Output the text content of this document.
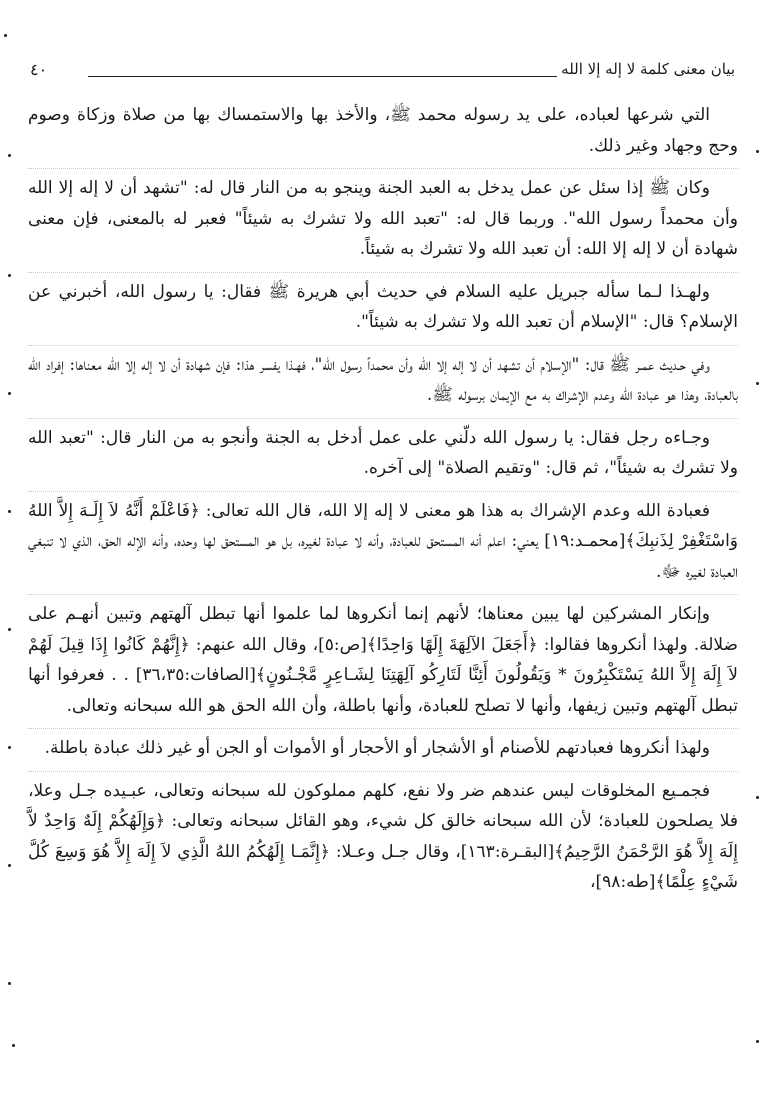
بيان معنى كلمة لا إله إلا الله
٤٠

التي شرعها لعباده، على يد رسوله محمد ﷺ، والأخذ بها والاستمساك بها من صلاة وزكاة وصوم وحج وجهاد وغير ذلك.

وكان ﷺ إذا سئل عن عمل يدخل به العبد الجنة وينجو به من النار قال له: "تشهد أن لا إله إلا الله وأن محمداً رسول الله". وربما قال له: "تعبد الله ولا تشرك به شيئاً" فعبر له بالمعنى، فإن معنى شهادة أن لا إله إلا الله: أن تعبد الله ولا تشرك به شيئاً.

ولهـذا لـما سأله جبريل عليه السلام في حديث أبي هريرة ﷺ فقال: يا رسول الله، أخبرني عن الإسلام؟ قال: "الإسلام أن تعبد الله ولا تشرك به شيئاً".

وفي حـديث عمـر ﷺ قال: "الإسلام أن تشهد أن لا إله إلا الله وأن محمداً رسول الله"، فهـذا يفسر هذا: فإن شهادة أن لا إله إلا الله معناها: إفراد الله بالعبادة، وهذا هو عبادة الله وعدم الإشراك به مع الإيمان برسوله ﷺ.

وجـاءه رجل فقال: يا رسول الله دلّني على عمل أدخل به الجنة وأنجو به من النار قال: "تعبد الله ولا تشرك به شيئاً"، ثم قال: "وتقيم الصلاة" إلى آخره.

فعبادة الله وعدم الإشراك به هذا هو معنى لا إله إلا الله، قال الله تعالى: ﴿فَاعْلَمْ أَنَّهُ لاَ إِلَـهَ إِلاَّ اللهُ وَاسْتَغْفِرْ لِذَنبِكَ﴾[محمـد:١٩] يعني: اعلم أنه المستحق للعبادة، وأنه لا عبادة لغيره، بل هو المستحق لها وحده، وأنه الإله الحق، الذي لا تنبغي العبادة لغيره ﷻ.

وإنكار المشركين لها يبين معناها؛ لأنهم إنما أنكروها لما علموا أنها تبطل آلهتهم وتبين أنهـم على ضلالة. ولهذا أنكروها فقالوا: ﴿أَجَعَلَ الآلِهَةَ إِلَهًا وَاحِدًا﴾[ص:٥]، وقال الله عنهم: ﴿إِنَّهُمْ كَانُوا إِذَا قِيلَ لَهُمْ لاَ إِلَهَ إِلاَّ اللهُ يَسْتَكْبِرُونَ * وَيَقُولُونَ أَئِنَّا لَتَارِكُو آلِهَتِنَا لِشَـاعِرٍ مَّجْـنُونٍ﴾[الصافات:٣٦،٣٥] . . فعرفوا أنها تبطل آلهتهم وتبين زيفها، وأنها لا تصلح للعبادة، وأنها باطلة، وأن الله الحق هو الله سبحانه وتعالى.

ولهذا أنكروها فعبادتهم للأصنام أو الأشجار أو الأحجار أو الأموات أو الجن أو غير ذلك عبادة باطلة.

فجمـيع المخلوقات ليس عندهم ضر ولا نفع، كلهم مملوكون لله سبحانه وتعالى، عبـيده جـل وعلا، فلا يصلحون للعبادة؛ لأن الله سبحانه خالق كل شيء، وهو القائل سبحانه وتعالى: ﴿وَإِلَهُكُمْ إِلَهٌ وَاحِدٌ لاَّ إِلَهَ إِلاَّ هُوَ الرَّحْمَنُ الرَّحِيمُ﴾[البقـرة:١٦٣]، وقال جـل وعـلا: ﴿إِنَّمَـا إِلَهُكُمُ اللهُ الَّذِي لاَ إِلَهَ إِلاَّ هُوَ وَسِعَ كُلَّ شَيْءٍ عِلْمًا﴾[طه:٩٨]،
